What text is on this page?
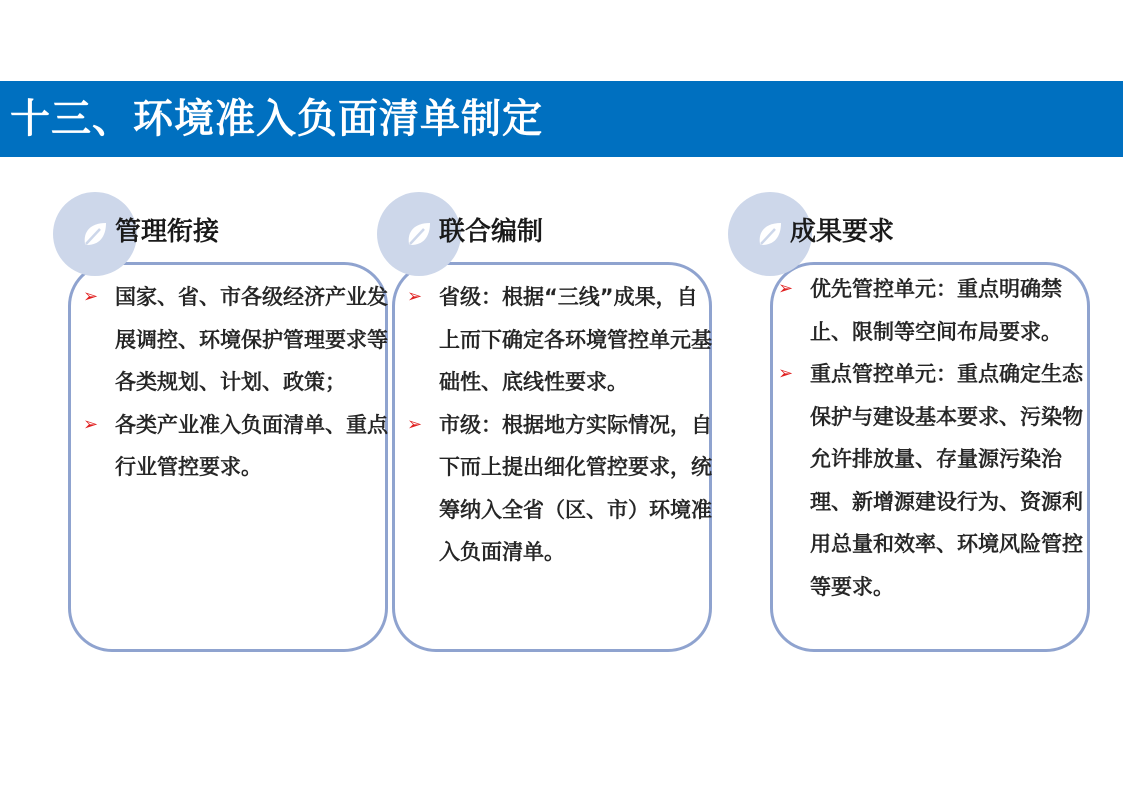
十三、环境准入负面清单制定
管理衔接
➢ 国家、省、市各级经济产业发展调控、环境保护管理要求等各类规划、计划、政策；
➢ 各类产业准入负面清单、重点行业管控要求。
联合编制
➢ 省级：根据“三线”成果，自上而下确定各环境管控单元基础性、底线性要求。
➢ 市级：根据地方实际情况，自下而上提出细化管控要求，统筹纳入全省（区、市）环境准入负面清单。
成果要求
➢ 优先管控单元：重点明确禁止、限制等空间布局要求。
➢ 重点管控单元：重点确定生态保护与建设基本要求、污染物允许排放量、存量源污染治理、新增源建设行为、资源利用总量和效率、环境风险管控等要求。
